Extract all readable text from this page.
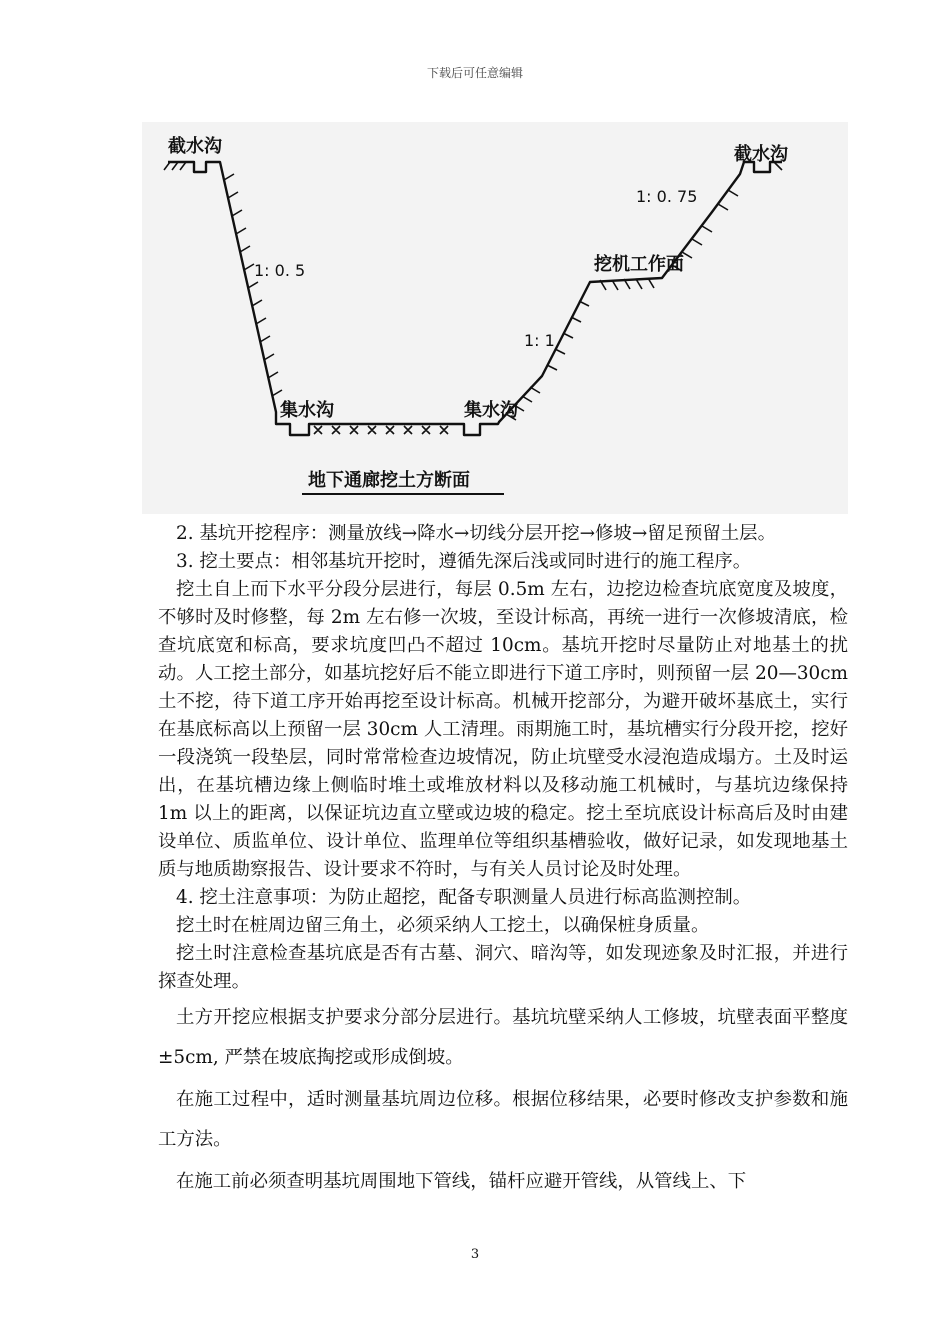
下载后可任意编辑
截水沟	截水沟
1: 0. 5
1: 0. 75
挖机工作面
1: 1
集水沟	集水沟
地下通廊挖土方断面

2. 基坑开挖程序：测量放线→降水→切线分层开挖→修坡→留足预留土层。

3. 挖土要点：相邻基坑开挖时，遵循先深后浅或同时进行的施工程序。

挖土自上而下水平分段分层进行，每层 0.5m 左右，边挖边检查坑底宽度及坡度，不够时及时修整，每 2m 左右修一次坡，至设计标高，再统一进行一次修坡清底，检查坑底宽和标高，要求坑度凹凸不超过 10cm。基坑开挖时尽量防止对地基土的扰动。人工挖土部分，如基坑挖好后不能立即进行下道工序时，则预留一层 20—30cm 土不挖，待下道工序开始再挖至设计标高。机械开挖部分，为避开破坏基底土，实行在基底标高以上预留一层 30cm 人工清理。雨期施工时，基坑槽实行分段开挖，挖好一段浇筑一段垫层，同时常常检查边坡情况，防止坑壁受水浸泡造成塌方。土及时运出，在基坑槽边缘上侧临时堆土或堆放材料以及移动施工机械时，与基坑边缘保持 1m 以上的距离，以保证坑边直立壁或边坡的稳定。挖土至坑底设计标高后及时由建设单位、质监单位、设计单位、监理单位等组织基槽验收，做好记录，如发现地基土质与地质勘察报告、设计要求不符时，与有关人员讨论及时处理。

4. 挖土注意事项：为防止超挖，配备专职测量人员进行标高监测控制。

挖土时在桩周边留三角土，必须采纳人工挖土，以确保桩身质量。

挖土时注意检查基坑底是否有古墓、洞穴、暗沟等，如发现迹象及时汇报，并进行探查处理。

土方开挖应根据支护要求分部分层进行。基坑坑壁采纳人工修坡，坑壁表面平整度±5cm, 严禁在坡底掏挖或形成倒坡。

在施工过程中，适时测量基坑周边位移。根据位移结果，必要时修改支护参数和施工方法。

在施工前必须查明基坑周围地下管线，锚杆应避开管线，从管线上、下

3
